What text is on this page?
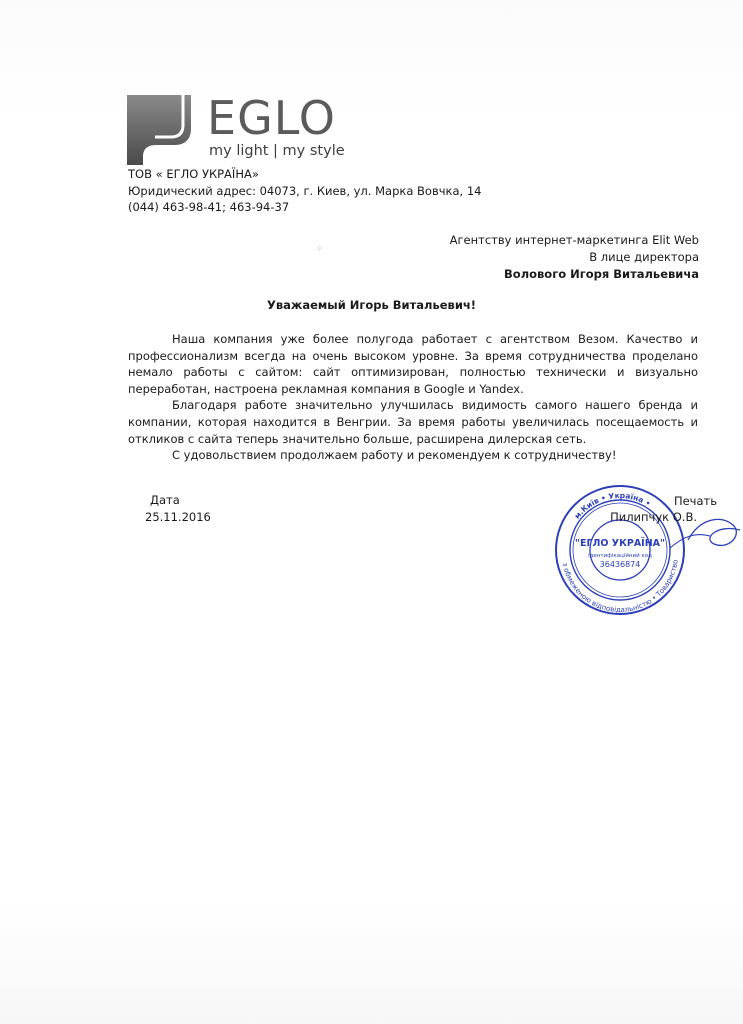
EGLO
my light | my style
ТОВ « ЕГЛО УКРАЇНА»
Юридический адрес: 04073, г. Киев, ул. Марка Вовчка, 14
(044) 463-98-41; 463-94-37
⁘
Агентству интернет-маркетинга Elit Web
В лице директора
Волового Игоря Витальевича
Уважаемый Игорь Витальевич!

Наша компания уже более полугода работает с агентством Везом. Качество и профессионализм всегда на очень высоком уровне. За время сотрудничества проделано немало работы с сайтом: сайт оптимизирован, полностью технически и визуально переработан, настроена рекламная компания в Google и Yandex.

Благодаря работе значительно улучшилась видимость самого нашего бренда и компании, которая находится в Венгрии. За время работы увеличилась посещаемость и откликов с сайта теперь значительно больше, расширена дилерская сеть.

С удовольствием продолжаем работу и рекомендуем к сотрудничеству!

Дата
25.11.2016	м.Київ • Україна •
з обмеженою відповідальністю • Товариство
"ЕГЛО УКРАЇНА"
ідентифікаційний код
36436874
Печать
Пилипчук О.В.
